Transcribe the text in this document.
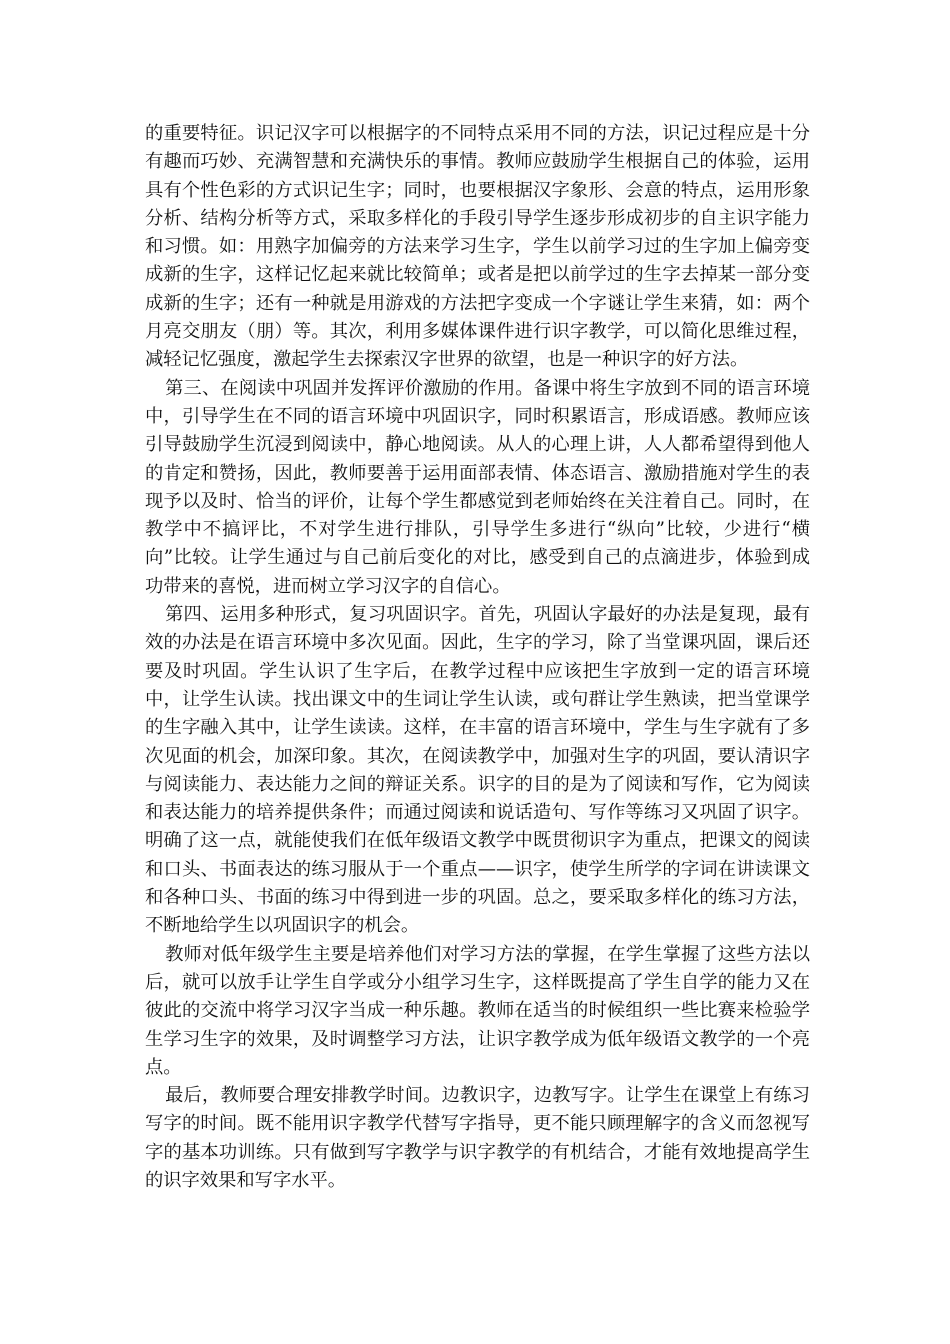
的重要特征。识记汉字可以根据字的不同特点采用不同的方法，识记过程应是十分有趣而巧妙、充满智慧和充满快乐的事情。教师应鼓励学生根据自己的体验，运用具有个性色彩的方式识记生字；同时，也要根据汉字象形、会意的特点，运用形象分析、结构分析等方式，采取多样化的手段引导学生逐步形成初步的自主识字能力和习惯。如：用熟字加偏旁的方法来学习生字，学生以前学习过的生字加上偏旁变成新的生字，这样记忆起来就比较简单；或者是把以前学过的生字去掉某一部分变成新的生字；还有一种就是用游戏的方法把字变成一个字谜让学生来猜，如：两个月亮交朋友（朋）等。其次，利用多媒体课件进行识字教学，可以简化思维过程，减轻记忆强度，激起学生去探索汉字世界的欲望，也是一种识字的好方法。

第三、在阅读中巩固并发挥评价激励的作用。备课中将生字放到不同的语言环境中，引导学生在不同的语言环境中巩固识字，同时积累语言，形成语感。教师应该引导鼓励学生沉浸到阅读中，静心地阅读。从人的心理上讲，人人都希望得到他人的肯定和赞扬，因此，教师要善于运用面部表情、体态语言、激励措施对学生的表现予以及时、恰当的评价，让每个学生都感觉到老师始终在关注着自己。同时，在教学中不搞评比，不对学生进行排队，引导学生多进行“纵向”比较，少进行“横向”比较。让学生通过与自己前后变化的对比，感受到自己的点滴进步，体验到成功带来的喜悦，进而树立学习汉字的自信心。

第四、运用多种形式，复习巩固识字。首先，巩固认字最好的办法是复现，最有效的办法是在语言环境中多次见面。因此，生字的学习，除了当堂课巩固，课后还要及时巩固。学生认识了生字后，在教学过程中应该把生字放到一定的语言环境中，让学生认读。找出课文中的生词让学生认读，或句群让学生熟读，把当堂课学的生字融入其中，让学生读读。这样，在丰富的语言环境中，学生与生字就有了多次见面的机会，加深印象。其次，在阅读教学中，加强对生字的巩固，要认清识字与阅读能力、表达能力之间的辩证关系。识字的目的是为了阅读和写作，它为阅读和表达能力的培养提供条件；而通过阅读和说话造句、写作等练习又巩固了识字。明确了这一点，就能使我们在低年级语文教学中既贯彻识字为重点，把课文的阅读和口头、书面表达的练习服从于一个重点——识字，使学生所学的字词在讲读课文和各种口头、书面的练习中得到进一步的巩固。总之，要采取多样化的练习方法，不断地给学生以巩固识字的机会。

教师对低年级学生主要是培养他们对学习方法的掌握，在学生掌握了这些方法以后，就可以放手让学生自学或分小组学习生字，这样既提高了学生自学的能力又在彼此的交流中将学习汉字当成一种乐趣。教师在适当的时候组织一些比赛来检验学生学习生字的效果，及时调整学习方法，让识字教学成为低年级语文教学的一个亮点。

最后，教师要合理安排教学时间。边教识字，边教写字。让学生在课堂上有练习写字的时间。既不能用识字教学代替写字指导，更不能只顾理解字的含义而忽视写字的基本功训练。只有做到写字教学与识字教学的有机结合，才能有效地提高学生的识字效果和写字水平。
